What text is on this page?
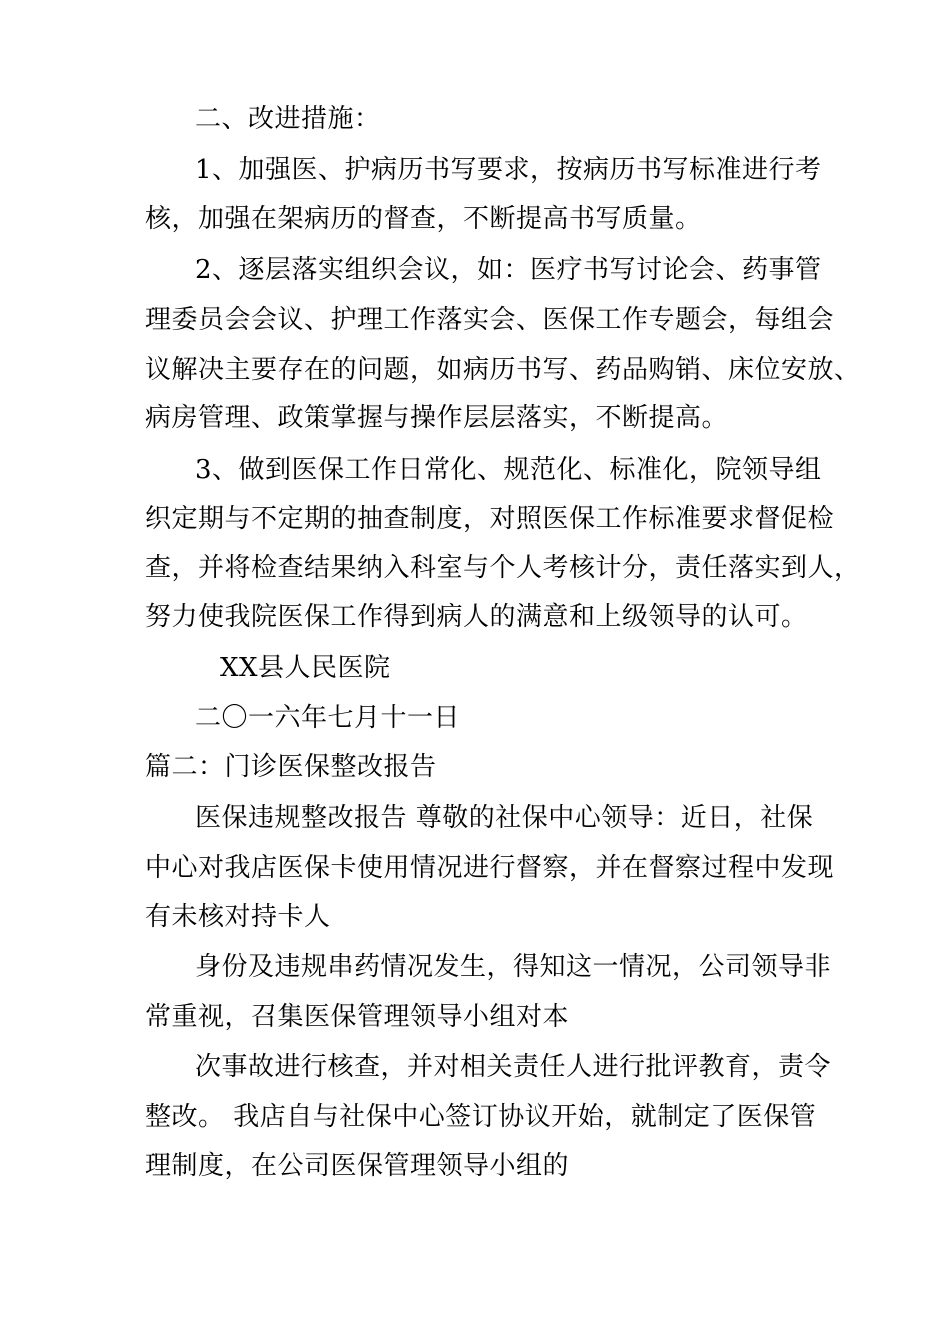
二、改进措施：
1、加强医、护病历书写要求，按病历书写标准进行考
核，加强在架病历的督查，不断提高书写质量。
2、逐层落实组织会议，如：医疗书写讨论会、药事管
理委员会会议、护理工作落实会、医保工作专题会，每组会
议解决主要存在的问题，如病历书写、药品购销、床位安放、
病房管理、政策掌握与操作层层落实，不断提高。
3、做到医保工作日常化、规范化、标准化，院领导组
织定期与不定期的抽查制度，对照医保工作标准要求督促检
查，并将检查结果纳入科室与个人考核计分，责任落实到人，
努力使我院医保工作得到病人的满意和上级领导的认可。
XX县人民医院
二〇一六年七月十一日
篇二：门诊医保整改报告
医保违规整改报告 尊敬的社保中心领导：近日，社保
中心对我店医保卡使用情况进行督察，并在督察过程中发现
有未核对持卡人
身份及违规串药情况发生，得知这一情况，公司领导非
常重视，召集医保管理领导小组对本
次事故进行核查，并对相关责任人进行批评教育，责令
整改。 我店自与社保中心签订协议开始，就制定了医保管
理制度，在公司医保管理领导小组的
